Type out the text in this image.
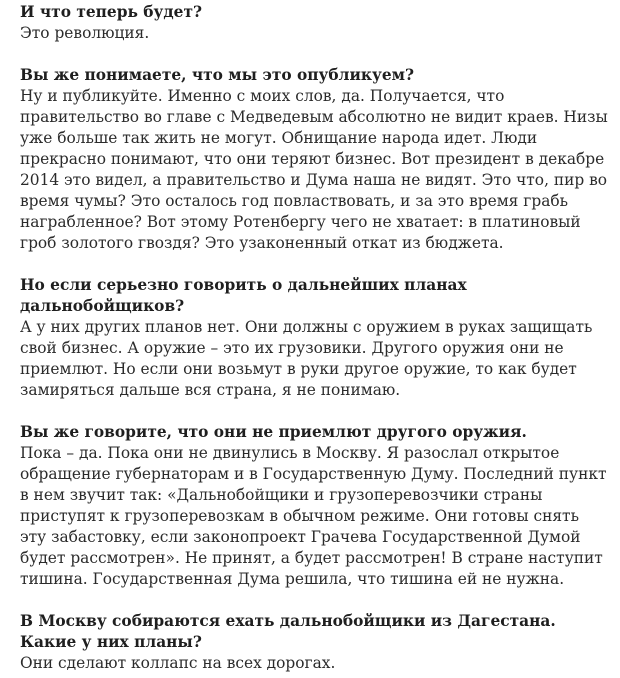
И что теперь будет?

Это революция.

Вы же понимаете, что мы это опубликуем?

Ну и публикуйте. Именно с моих слов, да. Получается, что правительство во главе с Медведевым абсолютно не видит краев. Низы уже больше так жить не могут. Обнищание народа идет. Люди прекрасно понимают, что они теряют бизнес. Вот президент в декабре 2014 это видел, а правительство и Дума наша не видят. Это что, пир во время чумы? Это осталось год повластвовать, и за это время грабь награбленное? Вот этому Ротенбергу чего не хватает: в платиновый гроб золотого гвоздя? Это узаконенный откат из бюджета.

Но если серьезно говорить о дальнейших планах дальнобойщиков?

А у них других планов нет. Они должны с оружием в руках защищать свой бизнес. А оружие – это их грузовики. Другого оружия они не приемлют. Но если они возьмут в руки другое оружие, то как будет замиряться дальше вся страна, я не понимаю.

Вы же говорите, что они не приемлют другого оружия.

Пока – да. Пока они не двинулись в Москву. Я разослал открытое обращение губернаторам и в Государственную Думу. Последний пункт в нем звучит так: «Дальнобойщики и грузоперевозчики страны приступят к грузоперевозкам в обычном режиме. Они готовы снять эту забастовку, если законопроект Грачева Государственной Думой будет рассмотрен». Не принят, а будет рассмотрен! В стране наступит тишина. Государственная Дума решила, что тишина ей не нужна.

В Москву собираются ехать дальнобойщики из Дагестана. Какие у них планы?

Они сделают коллапс на всех дорогах.
